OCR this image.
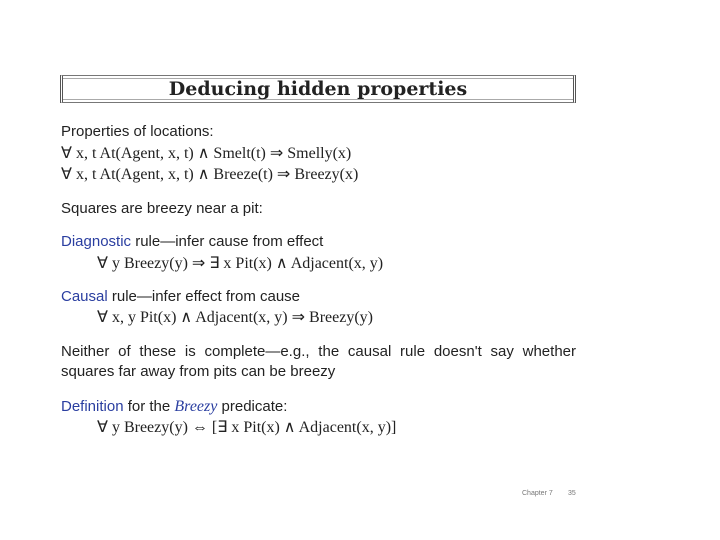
Deducing hidden properties
Properties of locations:
∀ x, t At(Agent, x, t) ∧ Smelt(t) ⇒ Smelly(x)
∀ x, t At(Agent, x, t) ∧ Breeze(t) ⇒ Breezy(x)
Squares are breezy near a pit:
Diagnostic rule—infer cause from effect
∀ y Breezy(y) ⇒ ∃ x Pit(x) ∧ Adjacent(x, y)
Causal rule—infer effect from cause
∀ x, y Pit(x) ∧ Adjacent(x, y) ⇒ Breezy(y)
Neither of these is complete—e.g., the causal rule doesn't say whether
squares far away from pits can be breezy
Definition for the Breezy predicate:
∀ y Breezy(y) ⇔ [∃ x Pit(x) ∧ Adjacent(x, y)]
Chapter 7 35
